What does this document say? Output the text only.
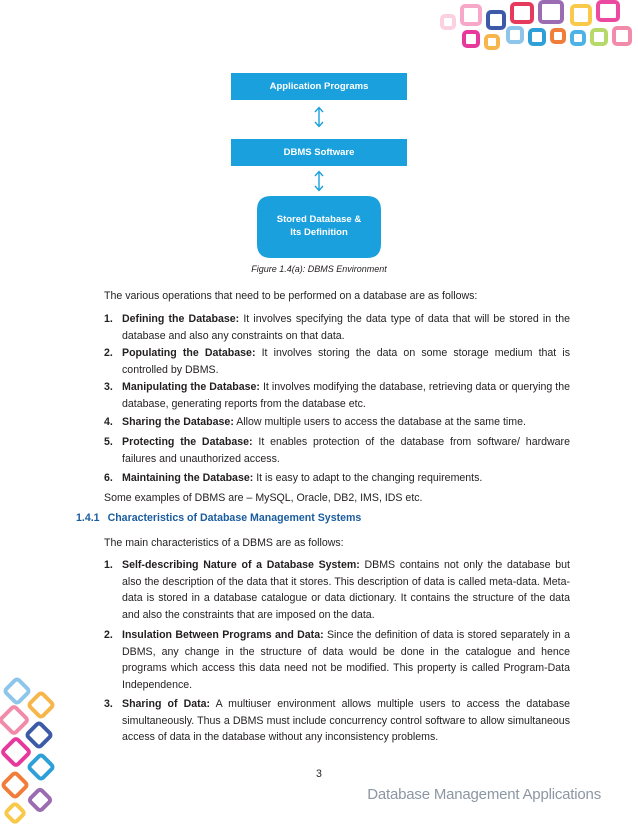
Application Programs
DBMS Software
Stored Database &
Its Definition
Figure 1.4(a): DBMS Environment
The various operations that need to be performed on a database are as follows:
1. Defining the Database: It involves specifying the data type of data that will be stored in the database and also any constraints on that data.
2. Populating the Database: It involves storing the data on some storage medium that is controlled by DBMS.
3. Manipulating the Database: It involves modifying the database, retrieving data or querying the database, generating reports from the database etc.
4. Sharing the Database: Allow multiple users to access the database at the same time.
5. Protecting the Database: It enables protection of the database from software/ hardware failures and unauthorized access.
6. Maintaining the Database: It is easy to adapt to the changing requirements.
Some examples of DBMS are – MySQL, Oracle, DB2, IMS, IDS etc.
1.4.1 Characteristics of Database Management Systems
The main characteristics of a DBMS are as follows:
1. Self-describing Nature of a Database System: DBMS contains not only the database but also the description of the data that it stores. This description of data is called meta-data. Meta-data is stored in a database catalogue or data dictionary. It contains the structure of the data and also the constraints that are imposed on the data.
2. Insulation Between Programs and Data: Since the definition of data is stored separately in a DBMS, any change in the structure of data would be done in the catalogue and hence programs which access this data need not be modified. This property is called Program-Data Independence.
3. Sharing of Data: A multiuser environment allows multiple users to access the database simultaneously. Thus a DBMS must include concurrency control software to allow simultaneous access of data in the database without any inconsistency problems.
3
Database Management Applications
